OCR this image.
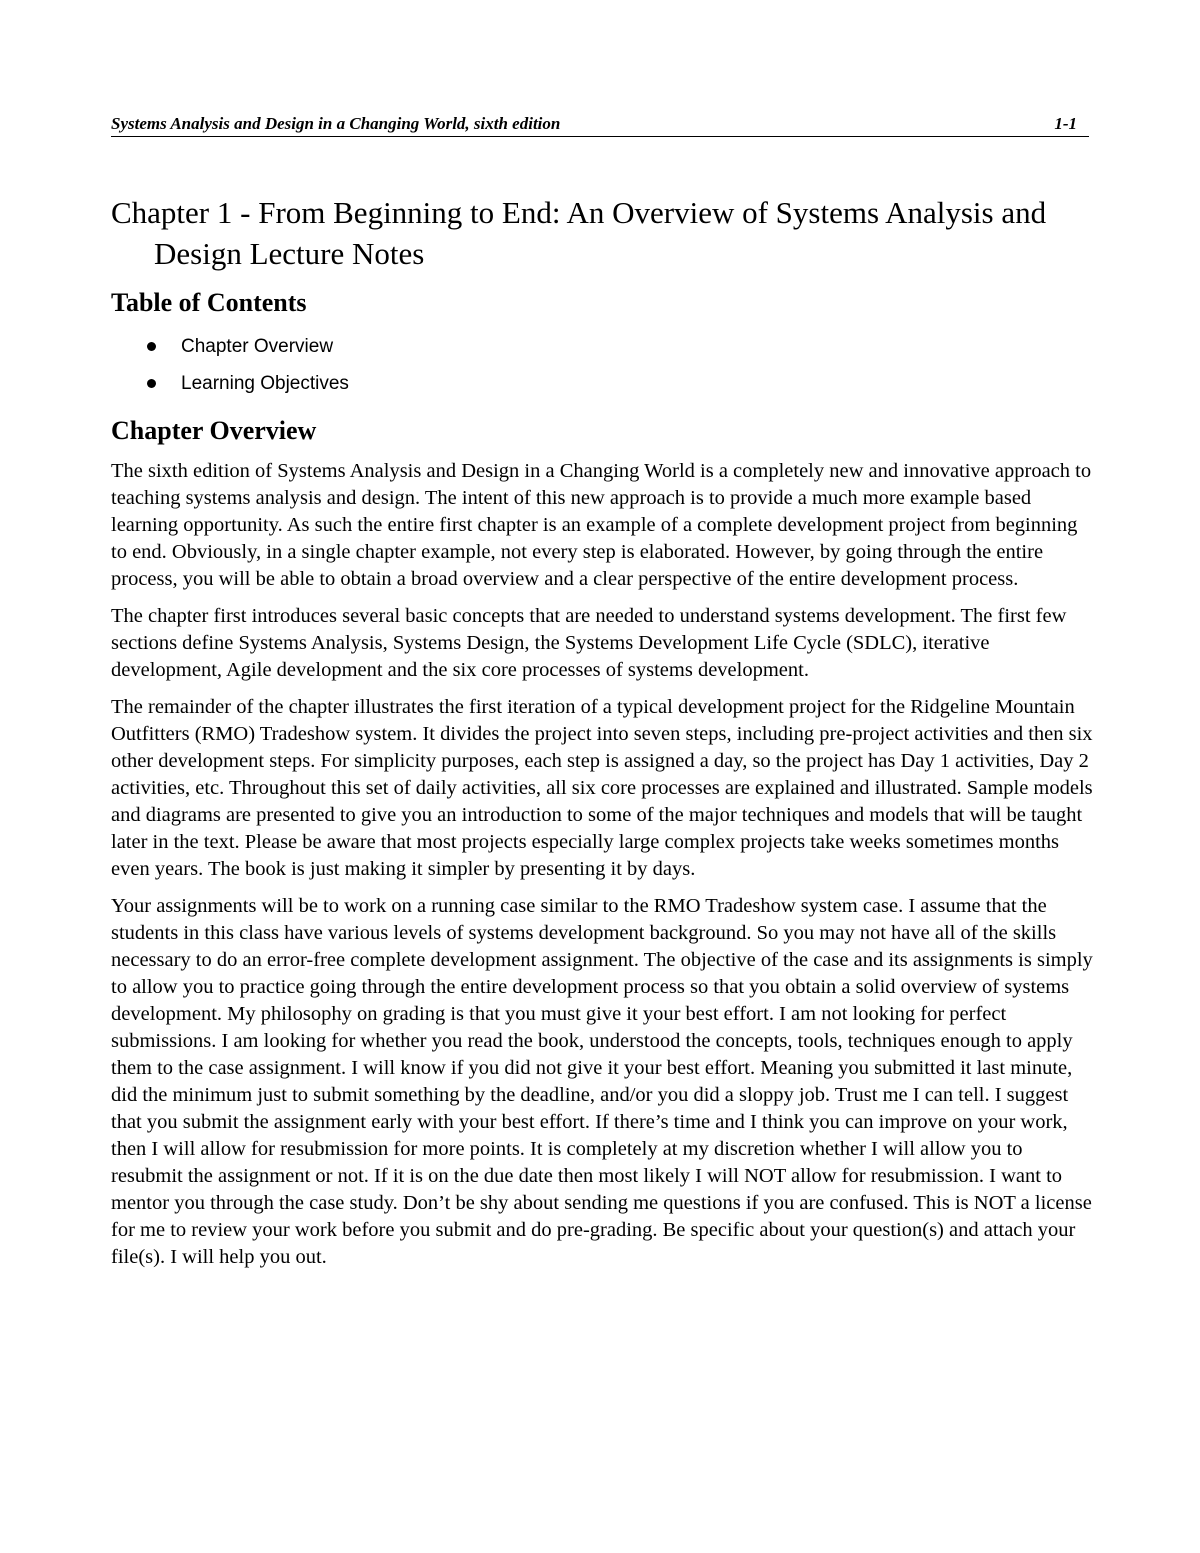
Systems Analysis and Design in a Changing World, sixth edition	1-1
Chapter 1 - From Beginning to End: An Overview of Systems Analysis and Design Lecture Notes
Table of Contents
Chapter Overview
Learning Objectives
Chapter Overview

The sixth edition of Systems Analysis and Design in a Changing World is a completely new and innovative approach to teaching systems analysis and design. The intent of this new approach is to provide a much more example based learning opportunity. As such the entire first chapter is an example of a complete development project from beginning to end. Obviously, in a single chapter example, not every step is elaborated. However, by going through the entire process, you will be able to obtain a broad overview and a clear perspective of the entire development process.

The chapter first introduces several basic concepts that are needed to understand systems development. The first few sections define Systems Analysis, Systems Design, the Systems Development Life Cycle (SDLC), iterative development, Agile development and the six core processes of systems development.

The remainder of the chapter illustrates the first iteration of a typical development project for the Ridgeline Mountain Outfitters (RMO) Tradeshow system. It divides the project into seven steps, including pre-project activities and then six other development steps. For simplicity purposes, each step is assigned a day, so the project has Day 1 activities, Day 2 activities, etc. Throughout this set of daily activities, all six core processes are explained and illustrated. Sample models and diagrams are presented to give you an introduction to some of the major techniques and models that will be taught later in the text. Please be aware that most projects especially large complex projects take weeks sometimes months even years. The book is just making it simpler by presenting it by days.

Your assignments will be to work on a running case similar to the RMO Tradeshow system case. I assume that the students in this class have various levels of systems development background. So you may not have all of the skills necessary to do an error-free complete development assignment. The objective of the case and its assignments is simply to allow you to practice going through the entire development process so that you obtain a solid overview of systems development. My philosophy on grading is that you must give it your best effort. I am not looking for perfect submissions. I am looking for whether you read the book, understood the concepts, tools, techniques enough to apply them to the case assignment. I will know if you did not give it your best effort. Meaning you submitted it last minute, did the minimum just to submit something by the deadline, and/or you did a sloppy job. Trust me I can tell. I suggest that you submit the assignment early with your best effort. If there’s time and I think you can improve on your work, then I will allow for resubmission for more points. It is completely at my discretion whether I will allow you to resubmit the assignment or not. If it is on the due date then most likely I will NOT allow for resubmission. I want to mentor you through the case study. Don’t be shy about sending me questions if you are confused. This is NOT a license for me to review your work before you submit and do pre-grading. Be specific about your question(s) and attach your file(s). I will help you out.
